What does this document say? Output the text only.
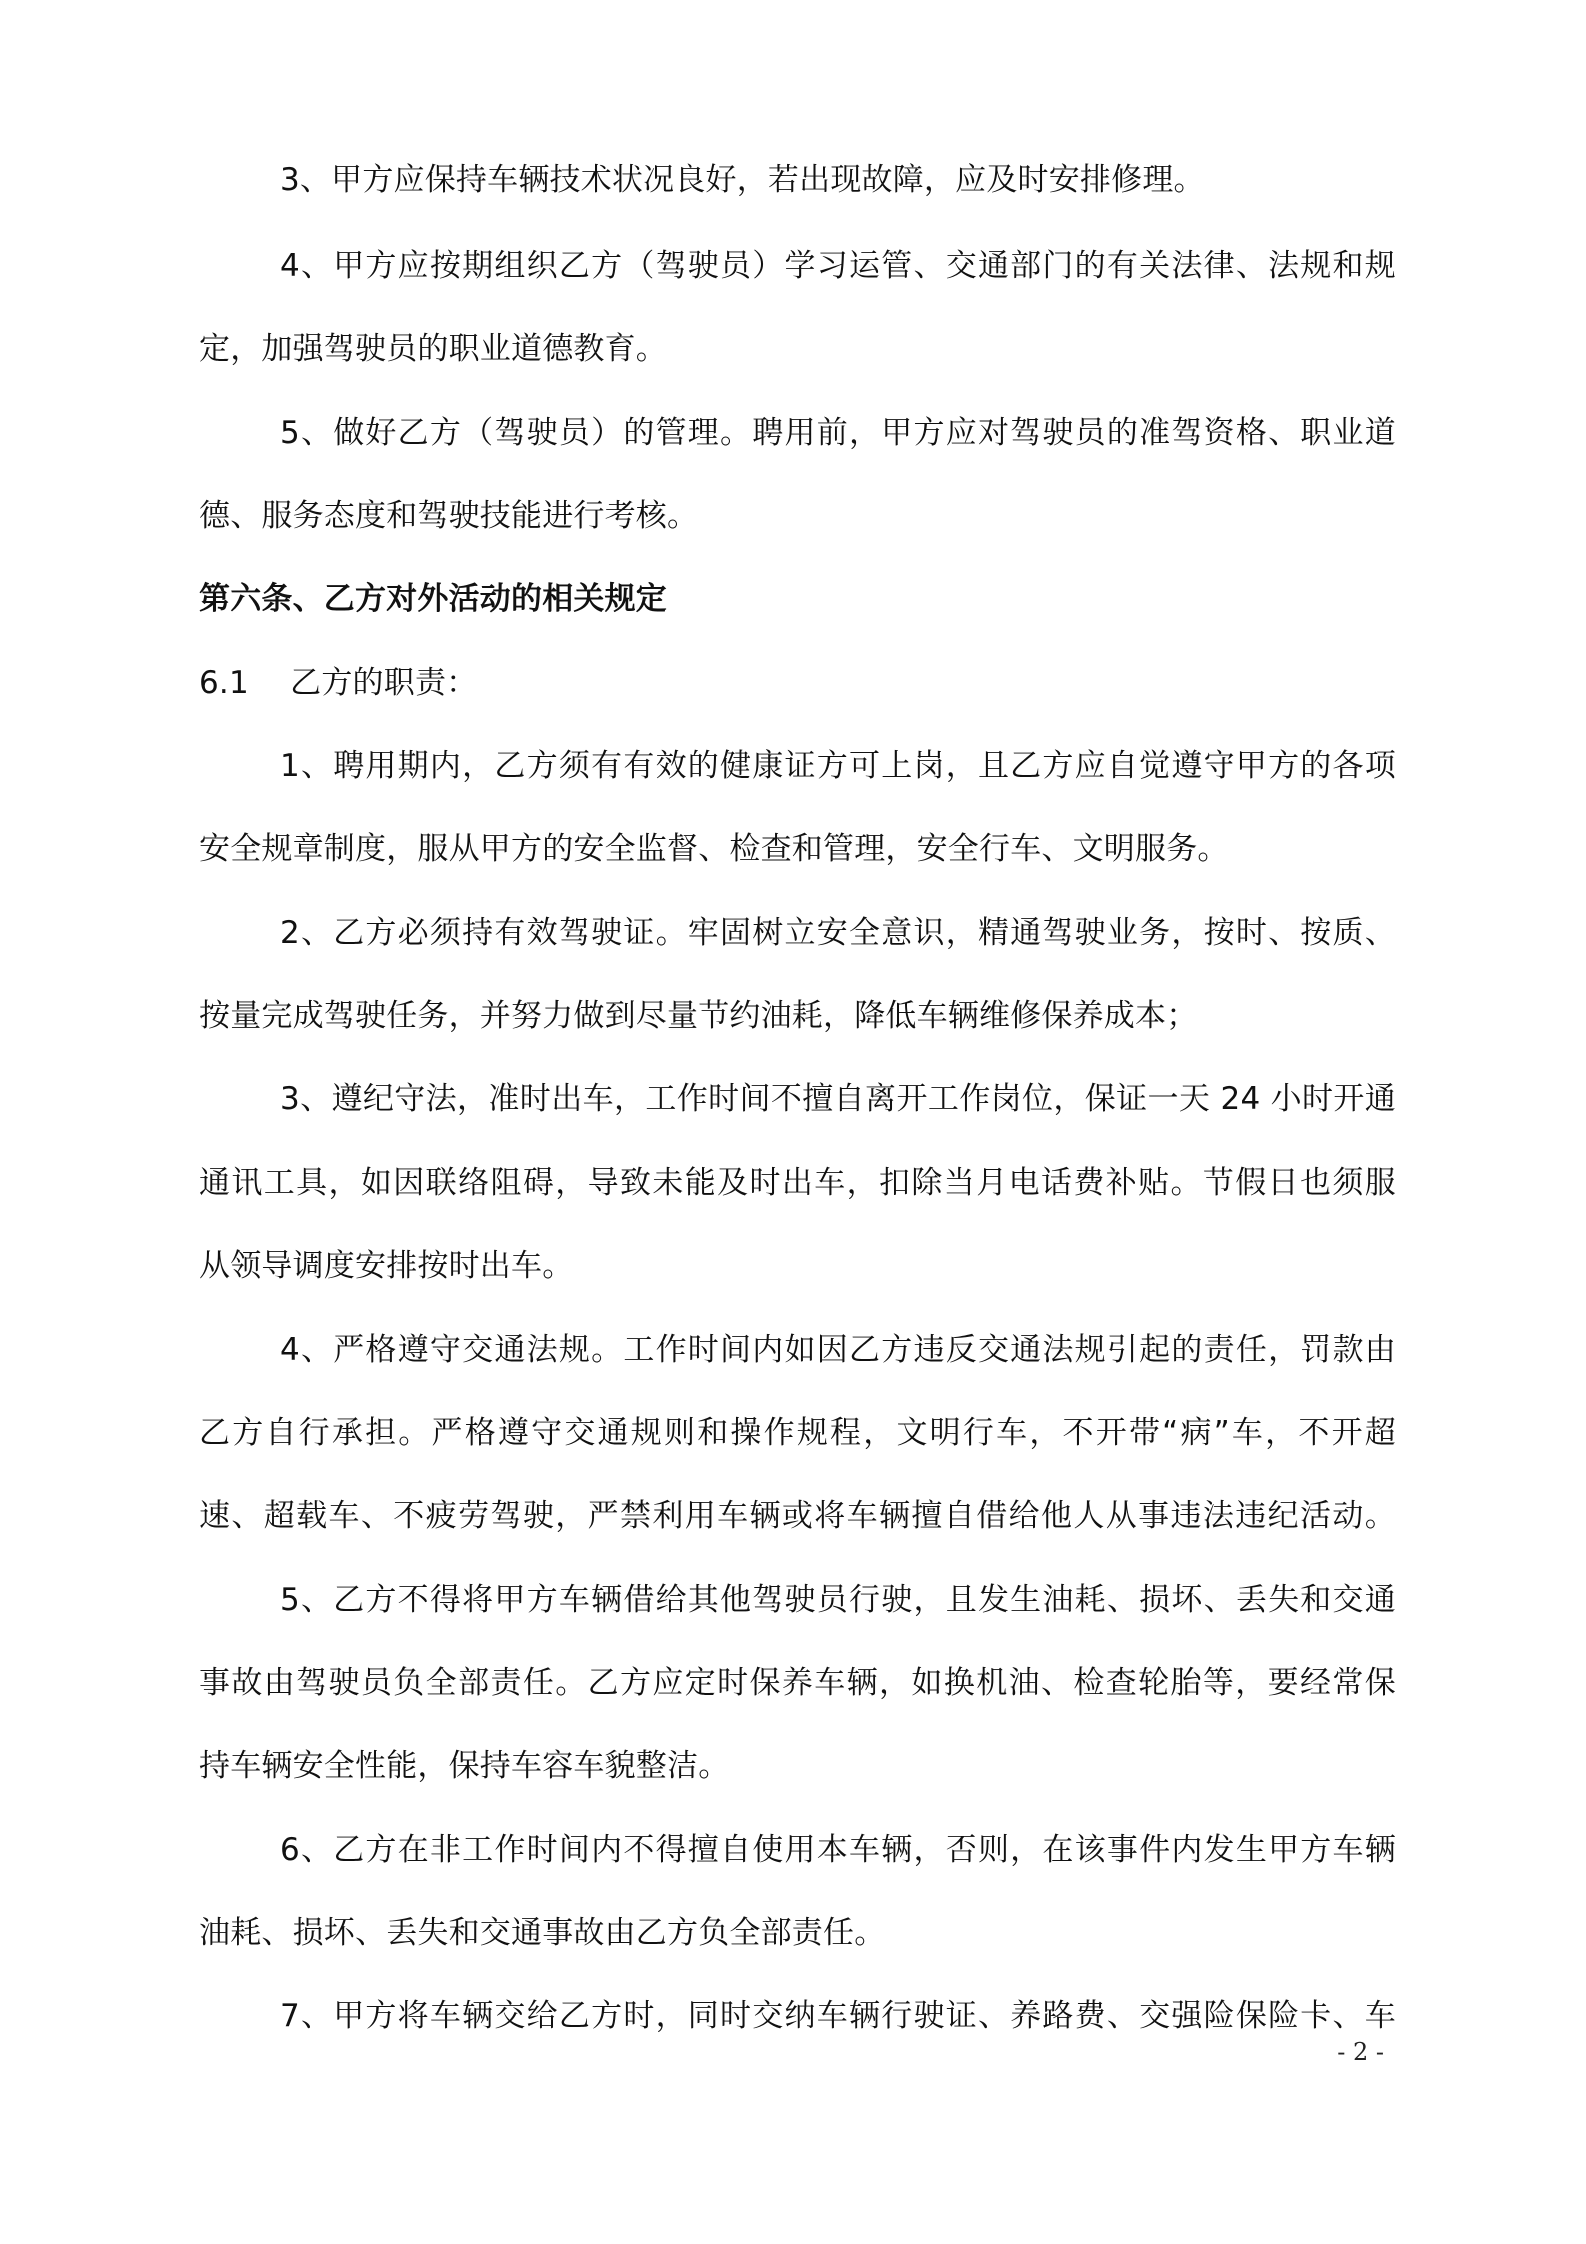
3、甲方应保持车辆技术状况良好，若出现故障，应及时安排修理。
4、甲方应按期组织乙方（驾驶员）学习运管、交通部门的有关法律、法规和规
定，加强驾驶员的职业道德教育。
5、做好乙方（驾驶员）的管理。聘用前，甲方应对驾驶员的准驾资格、职业道
德、服务态度和驾驶技能进行考核。
第六条、乙方对外活动的相关规定
6.1　 乙方的职责：
1、聘用期内，乙方须有有效的健康证方可上岗，且乙方应自觉遵守甲方的各项
安全规章制度，服从甲方的安全监督、检查和管理，安全行车、文明服务。
2、乙方必须持有效驾驶证。牢固树立安全意识，精通驾驶业务，按时、按质、
按量完成驾驶任务，并努力做到尽量节约油耗，降低车辆维修保养成本；
3、遵纪守法，准时出车，工作时间不擅自离开工作岗位，保证一天 24 小时开通
通讯工具，如因联络阻碍，导致未能及时出车，扣除当月电话费补贴。节假日也须服
从领导调度安排按时出车。
4、严格遵守交通法规。工作时间内如因乙方违反交通法规引起的责任，罚款由
乙方自行承担。严格遵守交通规则和操作规程，文明行车，不开带“病”车，不开超
速、超载车、不疲劳驾驶，严禁利用车辆或将车辆擅自借给他人从事违法违纪活动。
5、乙方不得将甲方车辆借给其他驾驶员行驶，且发生油耗、损坏、丢失和交通
事故由驾驶员负全部责任。乙方应定时保养车辆，如换机油、检查轮胎等，要经常保
持车辆安全性能，保持车容车貌整洁。
6、乙方在非工作时间内不得擅自使用本车辆，否则，在该事件内发生甲方车辆
油耗、损坏、丢失和交通事故由乙方负全部责任。
7、甲方将车辆交给乙方时，同时交纳车辆行驶证、养路费、交强险保险卡、车
- 2 -
